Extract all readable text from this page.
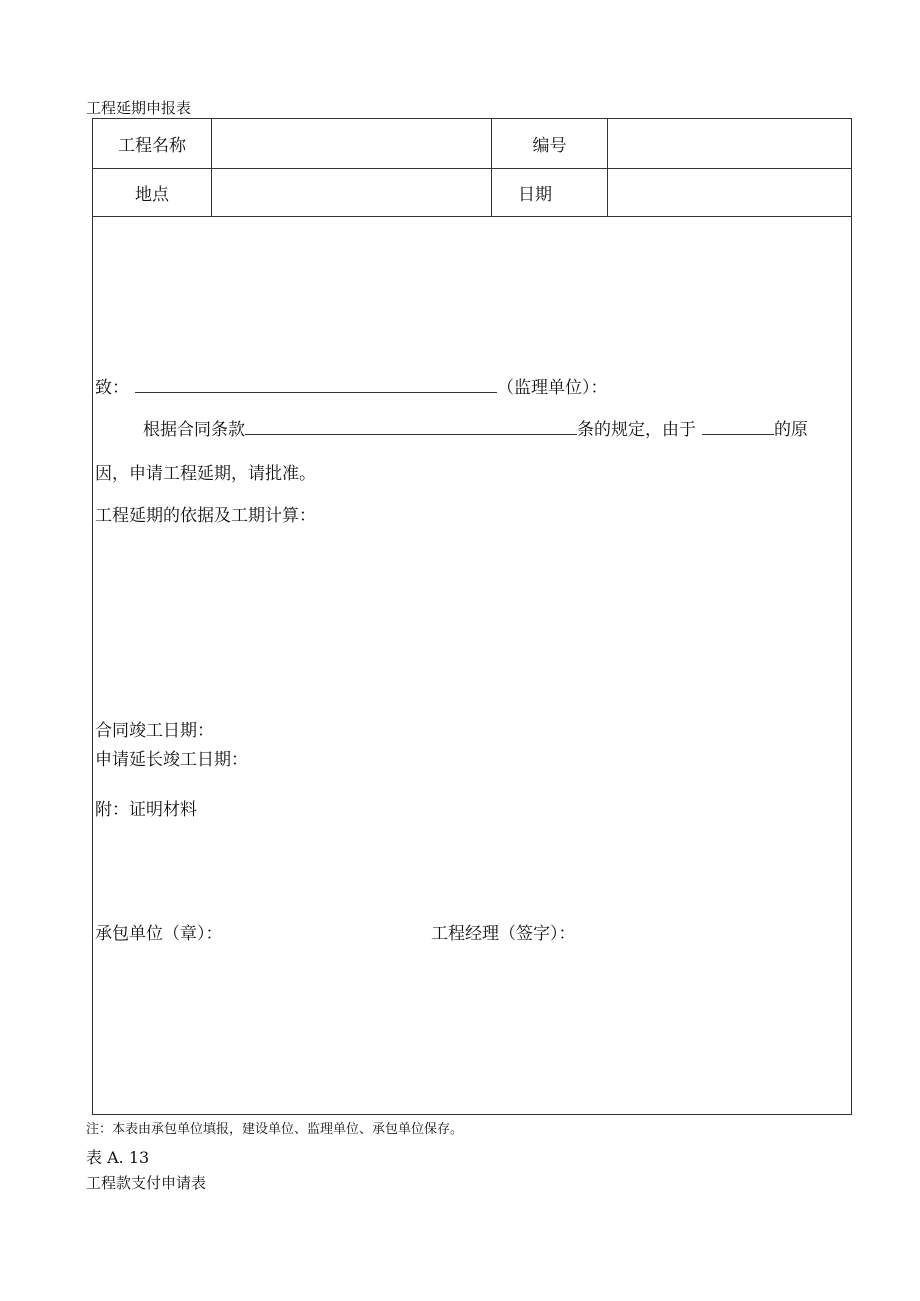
工程延期申报表
工程名称	编号
地点	日期
致：	（监理单位）：
根据合同条款	条的规定，由于	的原
因，申请工程延期，请批准。
工程延期的依据及工期计算：
合同竣工日期：
申请延长竣工日期：
附：证明材料
承包单位（章）：	工程经理（签字）：
注：本表由承包单位填报，建设单位、监理单位、承包单位保存。
表 A. 13
工程款支付申请表
